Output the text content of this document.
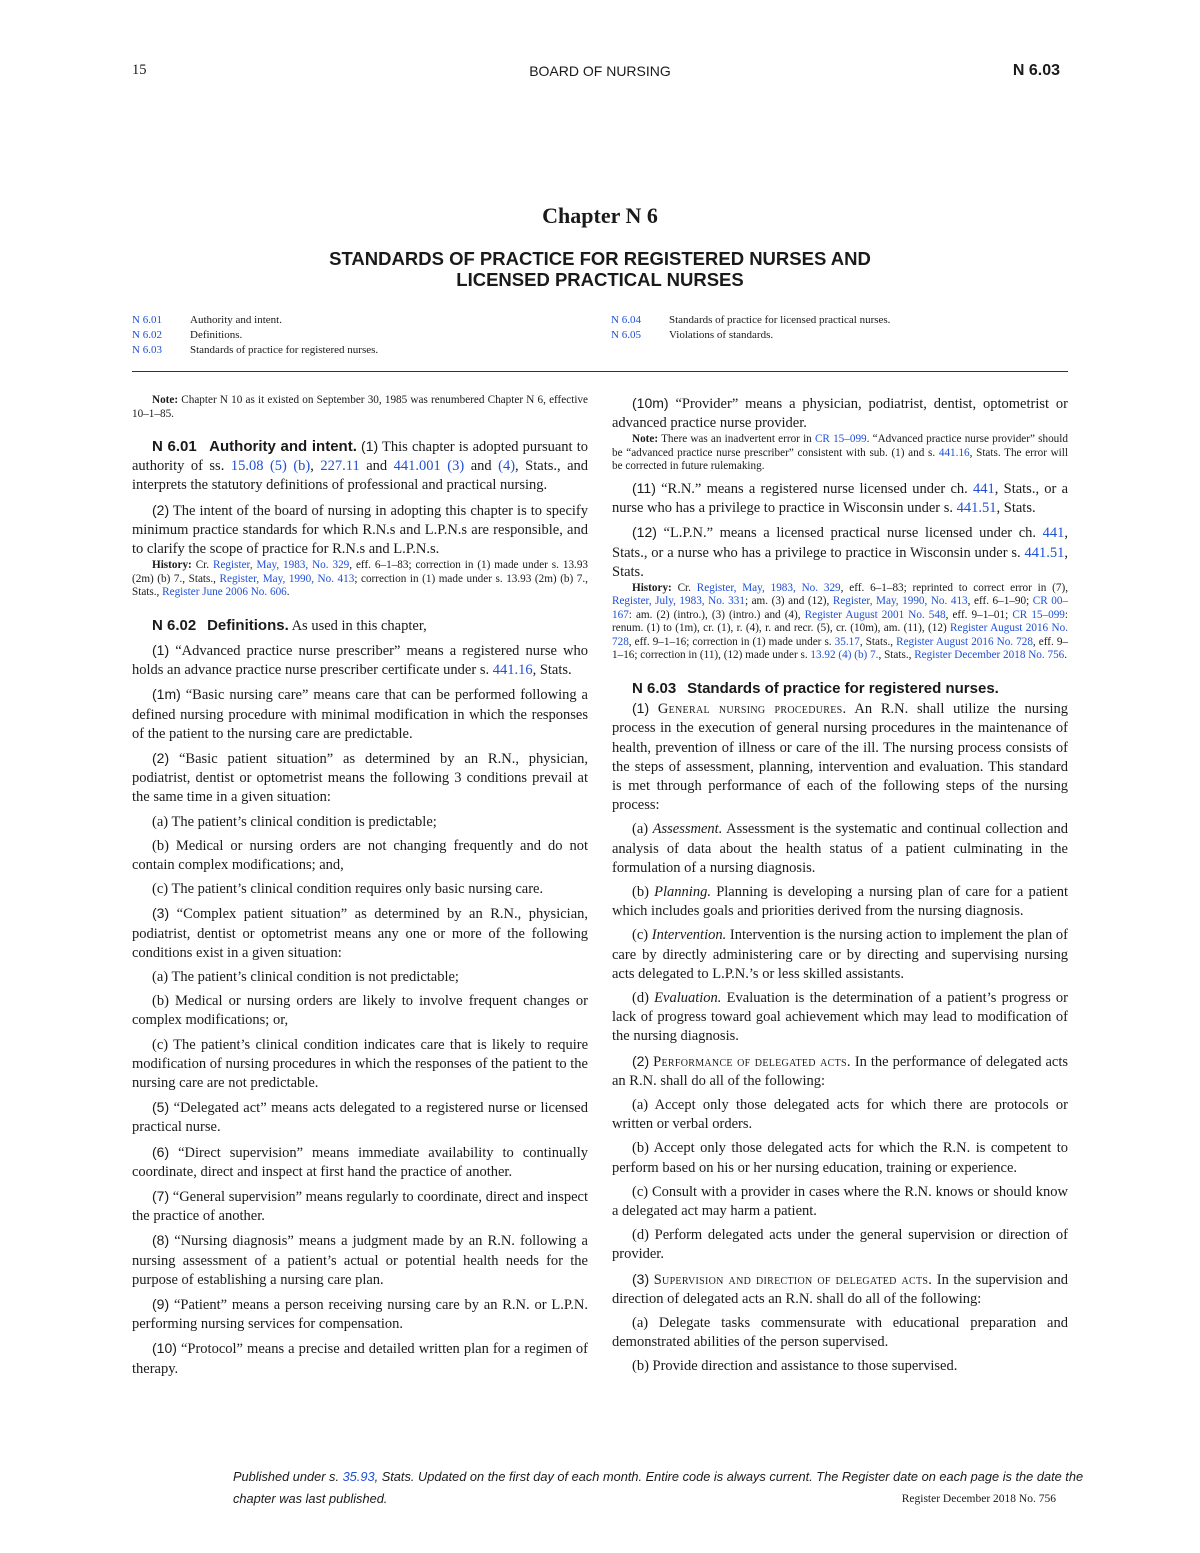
15	BOARD OF NURSING	N 6.03
Chapter N 6
STANDARDS OF PRACTICE FOR REGISTERED NURSES AND
LICENSED PRACTICAL NURSES
N 6.01	Authority and intent.
N 6.02	Definitions.
N 6.03	Standards of practice for registered nurses.
N 6.04	Standards of practice for licensed practical nurses.
N 6.05	Violations of standards.

Note: Chapter N 10 as it existed on September 30, 1985 was renumbered Chapter N 6, effective 10–1–85.

N 6.01 Authority and intent. (1) This chapter is adopted pursuant to authority of ss. 15.08 (5) (b), 227.11 and 441.001 (3) and (4), Stats., and interprets the statutory definitions of professional and practical nursing.

(2) The intent of the board of nursing in adopting this chapter is to specify minimum practice standards for which R.N.s and L.P.N.s are responsible, and to clarify the scope of practice for R.N.s and L.P.N.s.

History: Cr. Register, May, 1983, No. 329, eff. 6–1–83; correction in (1) made under s. 13.93 (2m) (b) 7., Stats., Register, May, 1990, No. 413; correction in (1) made under s. 13.93 (2m) (b) 7., Stats., Register June 2006 No. 606.

N 6.02 Definitions. As used in this chapter,

(1) “Advanced practice nurse prescriber” means a registered nurse who holds an advance practice nurse prescriber certificate under s. 441.16, Stats.

(1m) “Basic nursing care” means care that can be performed following a defined nursing procedure with minimal modification in which the responses of the patient to the nursing care are predictable.

(2) “Basic patient situation” as determined by an R.N., physician, podiatrist, dentist or optometrist means the following 3 conditions prevail at the same time in a given situation:

(a) The patient’s clinical condition is predictable;

(b) Medical or nursing orders are not changing frequently and do not contain complex modifications; and,

(c) The patient’s clinical condition requires only basic nursing care.

(3) “Complex patient situation” as determined by an R.N., physician, podiatrist, dentist or optometrist means any one or more of the following conditions exist in a given situation:

(a) The patient’s clinical condition is not predictable;

(b) Medical or nursing orders are likely to involve frequent changes or complex modifications; or,

(c) The patient’s clinical condition indicates care that is likely to require modification of nursing procedures in which the responses of the patient to the nursing care are not predictable.

(5) “Delegated act” means acts delegated to a registered nurse or licensed practical nurse.

(6) “Direct supervision” means immediate availability to continually coordinate, direct and inspect at first hand the practice of another.

(7) “General supervision” means regularly to coordinate, direct and inspect the practice of another.

(8) “Nursing diagnosis” means a judgment made by an R.N. following a nursing assessment of a patient’s actual or potential health needs for the purpose of establishing a nursing care plan.

(9) “Patient” means a person receiving nursing care by an R.N. or L.P.N. performing nursing services for compensation.

(10) “Protocol” means a precise and detailed written plan for a regimen of therapy.

(10m) “Provider” means a physician, podiatrist, dentist, optometrist or advanced practice nurse provider.

Note: There was an inadvertent error in CR 15–099. “Advanced practice nurse provider” should be “advanced practice nurse prescriber” consistent with sub. (1) and s. 441.16, Stats. The error will be corrected in future rulemaking.

(11) “R.N.” means a registered nurse licensed under ch. 441, Stats., or a nurse who has a privilege to practice in Wisconsin under s. 441.51, Stats.

(12) “L.P.N.” means a licensed practical nurse licensed under ch. 441, Stats., or a nurse who has a privilege to practice in Wisconsin under s. 441.51, Stats.

History: Cr. Register, May, 1983, No. 329, eff. 6–1–83; reprinted to correct error in (7), Register, July, 1983, No. 331; am. (3) and (12), Register, May, 1990, No. 413, eff. 6–1–90; CR 00–167: am. (2) (intro.), (3) (intro.) and (4), Register August 2001 No. 548, eff. 9–1–01; CR 15–099: renum. (1) to (1m), cr. (1), r. (4), r. and recr. (5), cr. (10m), am. (11), (12) Register August 2016 No. 728, eff. 9–1–16; correction in (1) made under s. 35.17, Stats., Register August 2016 No. 728, eff. 9–1–16; correction in (11), (12) made under s. 13.92 (4) (b) 7., Stats., Register December 2018 No. 756.

N 6.03 Standards of practice for registered nurses.

(1) General nursing procedures. An R.N. shall utilize the nursing process in the execution of general nursing procedures in the maintenance of health, prevention of illness or care of the ill. The nursing process consists of the steps of assessment, planning, intervention and evaluation. This standard is met through performance of each of the following steps of the nursing process:

(a) Assessment. Assessment is the systematic and continual collection and analysis of data about the health status of a patient culminating in the formulation of a nursing diagnosis.

(b) Planning. Planning is developing a nursing plan of care for a patient which includes goals and priorities derived from the nursing diagnosis.

(c) Intervention. Intervention is the nursing action to implement the plan of care by directly administering care or by directing and supervising nursing acts delegated to L.P.N.’s or less skilled assistants.

(d) Evaluation. Evaluation is the determination of a patient’s progress or lack of progress toward goal achievement which may lead to modification of the nursing diagnosis.

(2) Performance of delegated acts. In the performance of delegated acts an R.N. shall do all of the following:

(a) Accept only those delegated acts for which there are protocols or written or verbal orders.

(b) Accept only those delegated acts for which the R.N. is competent to perform based on his or her nursing education, training or experience.

(c) Consult with a provider in cases where the R.N. knows or should know a delegated act may harm a patient.

(d) Perform delegated acts under the general supervision or direction of provider.

(3) Supervision and direction of delegated acts. In the supervision and direction of delegated acts an R.N. shall do all of the following:

(a) Delegate tasks commensurate with educational preparation and demonstrated abilities of the person supervised.

(b) Provide direction and assistance to those supervised.

Published under s. 35.93, Stats. Updated on the first day of each month. Entire code is always current. The Register date on each page is the date the chapter was last published.	Register December 2018 No. 756
